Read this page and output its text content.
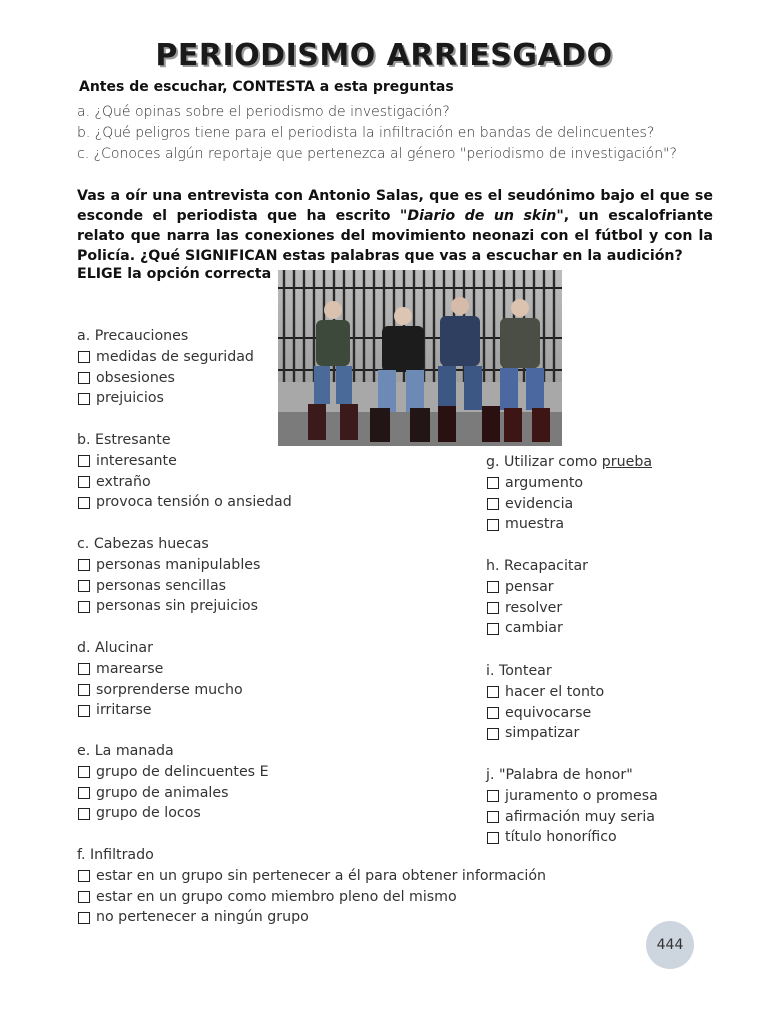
PERIODISMO ARRIESGADO
Antes de escuchar, CONTESTA a esta preguntas
a. ¿Qué opinas sobre el periodismo de investigación?
b. ¿Qué peligros tiene para el periodista la infiltración en bandas de delincuentes?
c. ¿Conoces algún reportaje que pertenezca al género "periodismo de investigación"?

Vas a oír una entrevista con Antonio Salas, que es el seudónimo bajo el que se esconde el periodista que ha escrito "Diario de un skin", un escalofriante relato que narra las conexiones del movimiento neonazi con el fútbol y con la Policía. ¿Qué SIGNIFICAN estas palabras que vas a escuchar en la audición?

ELIGE la opción correcta
a. Precauciones
medidas de seguridad
obsesiones
prejuicios
b. Estresante
interesante
extraño
provoca tensión o ansiedad
c. Cabezas huecas
personas manipulables
personas sencillas
personas sin prejuicios
d. Alucinar
marearse
sorprenderse mucho
irritarse
e. La manada
grupo de delincuentes E
grupo de animales
grupo de locos
f. Infiltrado
estar en un grupo sin pertenecer a él para obtener información
estar en un grupo como miembro pleno del mismo
no pertenecer a ningún grupo
g. Utilizar como prueba
argumento
evidencia
muestra
h. Recapacitar
pensar
resolver
cambiar
i. Tontear
hacer el tonto
equivocarse
simpatizar
j. "Palabra de honor"
juramento o promesa
afirmación muy seria
título honorífico
444
